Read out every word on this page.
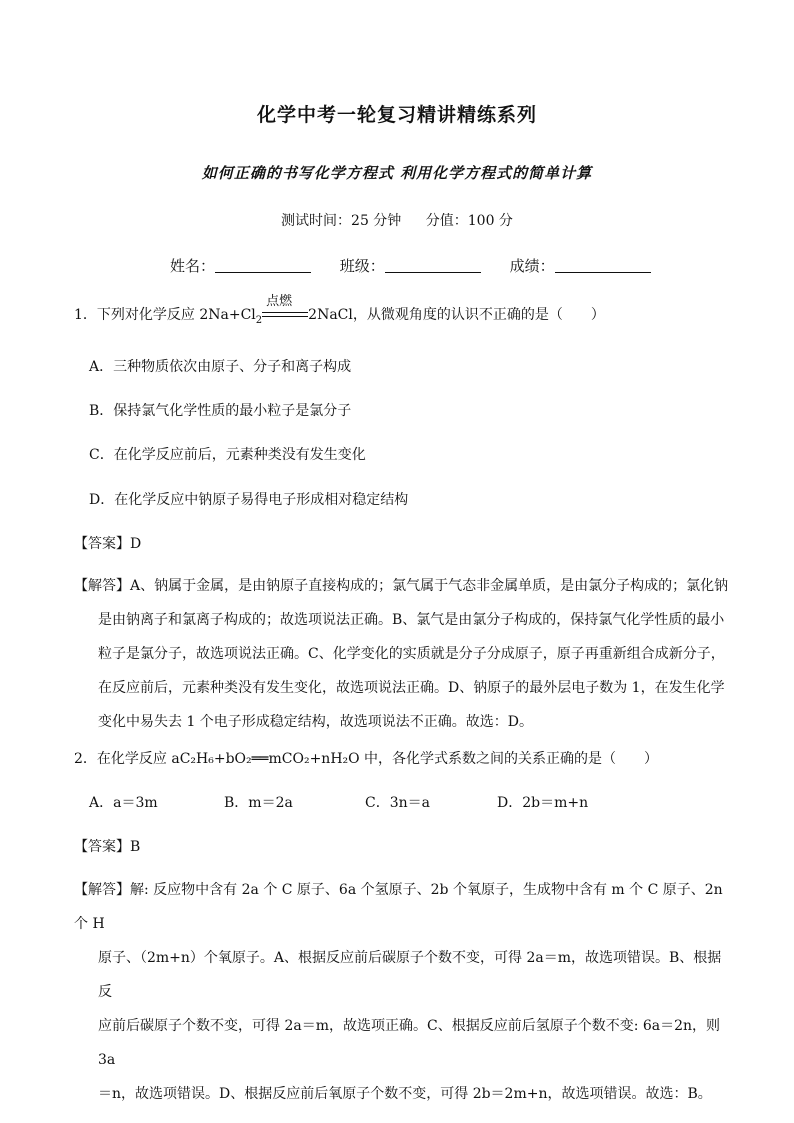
化学中考一轮复习精讲精练系列
如何正确的书写化学方程式 利用化学方程式的简单计算
测试时间：25 分钟 分值：100 分
姓名：	班级：	成绩：
1．下列对化学反应 $2Na+Cl_2$
点燃
2NaCl，从微观角度的认识不正确的是（　　）
A．三种物质依次由原子、分子和离子构成
B．保持氯气化学性质的最小粒子是氯分子
C．在化学反应前后，元素种类没有发生变化
D．在化学反应中钠原子易得电子形成相对稳定结构
【答案】D
【解答】A、钠属于金属，是由钠原子直接构成的；氯气属于气态非金属单质，是由氯分子构成的；氯化钠
是由钠离子和氯离子构成的；故选项说法正确。B、氯气是由氯分子构成的，保持氯气化学性质的最小
粒子是氯分子，故选项说法正确。C、化学变化的实质就是分子分成原子，原子再重新组合成新分子，
在反应前后，元素种类没有发生变化，故选项说法正确。D、钠原子的最外层电子数为 1，在发生化学
变化中易失去 1 个电子形成稳定结构，故选项说法不正确。故选：D。
2．在化学反应 aC₂H₆+bO₂══mCO₂+nH₂O 中，各化学式系数之间的关系正确的是（　　）
A．a＝3m	B．m＝2a	C．3n＝a	D．2b＝m+n
【答案】B
【解答】解: 反应物中含有 2a 个 C 原子、6a 个氢原子、2b 个氧原子，生成物中含有 m 个 C 原子、2n 个 H
原子、（2m+n）个氧原子。A、根据反应前后碳原子个数不变，可得 2a＝m，故选项错误。B、根据反
应前后碳原子个数不变，可得 2a＝m，故选项正确。C、根据反应前后氢原子个数不变: 6a＝2n，则 3a
＝n，故选项错误。D、根据反应前后氧原子个数不变，可得 2b＝2m+n，故选项错误。故选：B。
